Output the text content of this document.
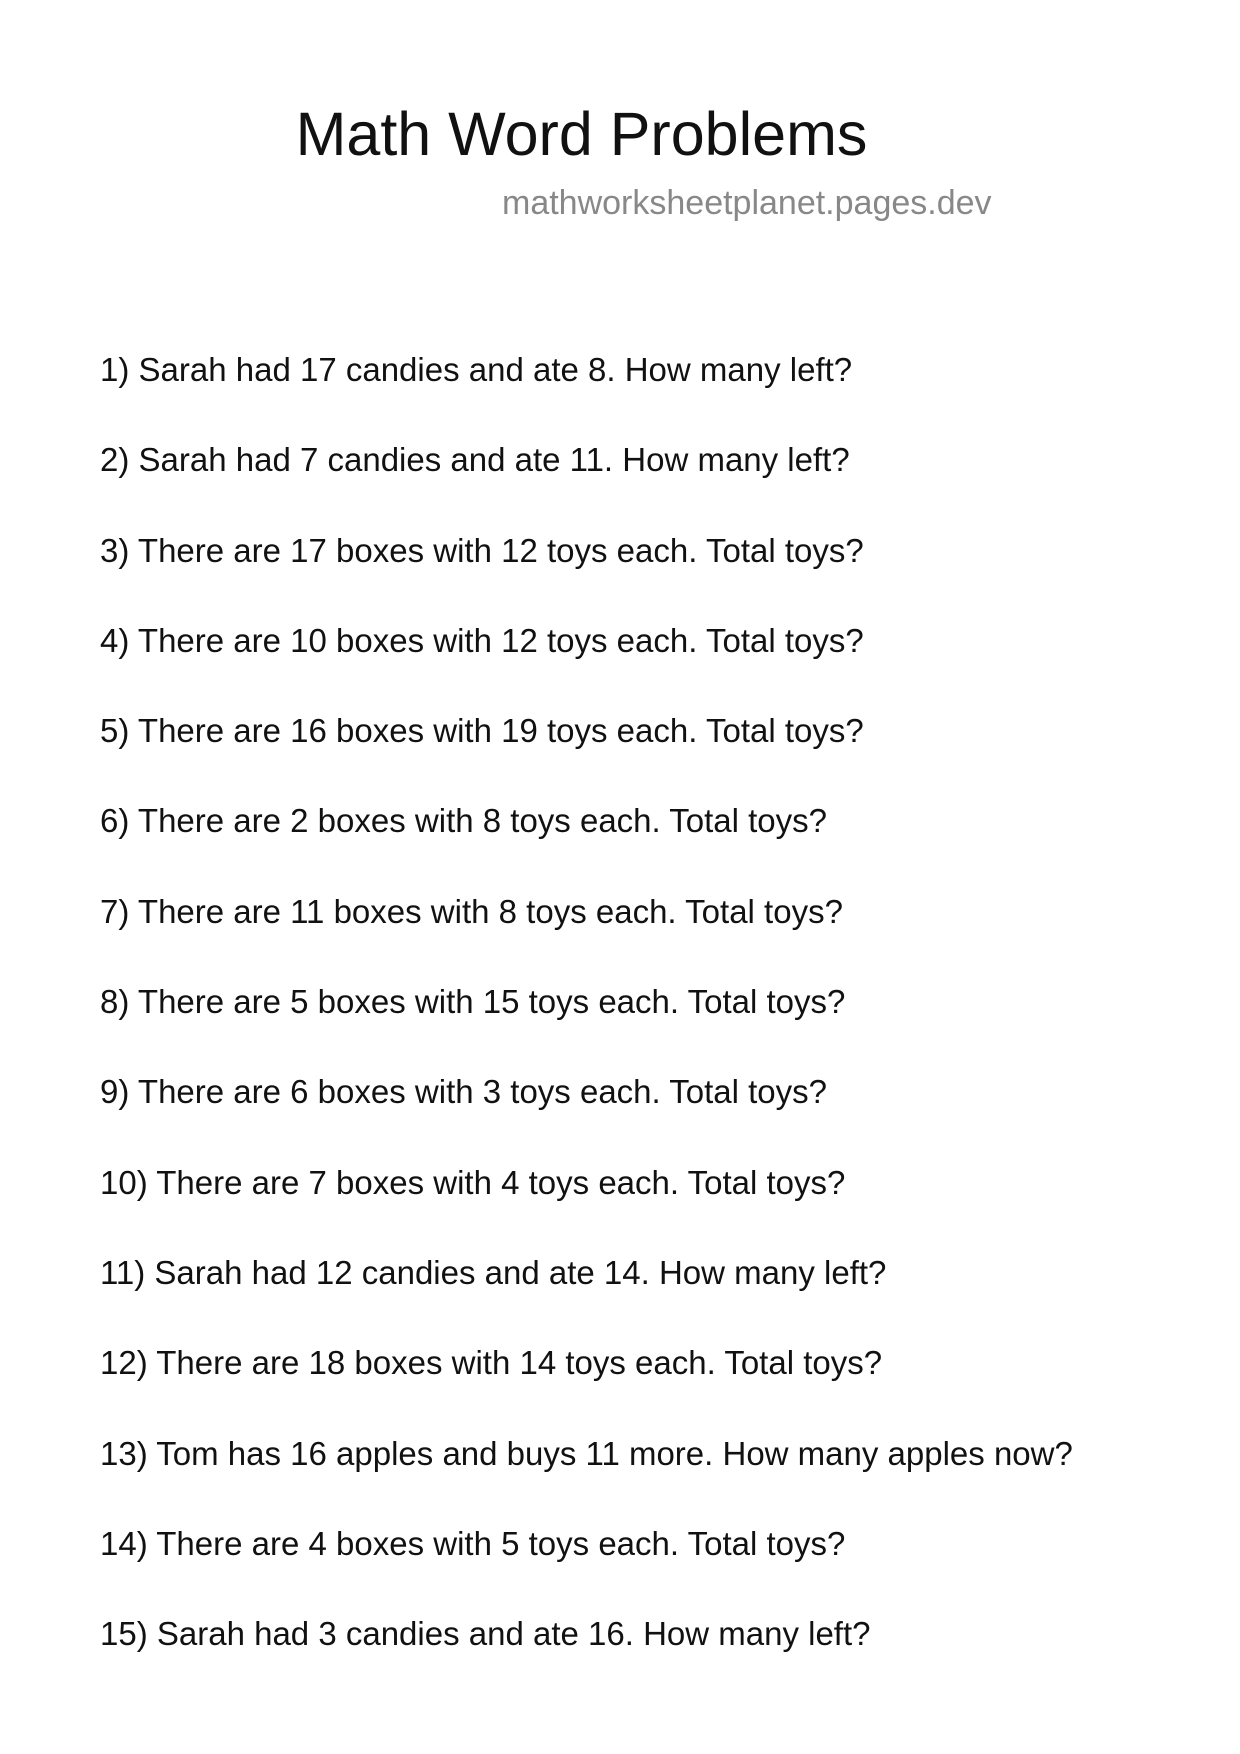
Math Word Problems
mathworksheetplanet.pages.dev
1) Sarah had 17 candies and ate 8. How many left?
2) Sarah had 7 candies and ate 11. How many left?
3) There are 17 boxes with 12 toys each. Total toys?
4) There are 10 boxes with 12 toys each. Total toys?
5) There are 16 boxes with 19 toys each. Total toys?
6) There are 2 boxes with 8 toys each. Total toys?
7) There are 11 boxes with 8 toys each. Total toys?
8) There are 5 boxes with 15 toys each. Total toys?
9) There are 6 boxes with 3 toys each. Total toys?
10) There are 7 boxes with 4 toys each. Total toys?
11) Sarah had 12 candies and ate 14. How many left?
12) There are 18 boxes with 14 toys each. Total toys?
13) Tom has 16 apples and buys 11 more. How many apples now?
14) There are 4 boxes with 5 toys each. Total toys?
15) Sarah had 3 candies and ate 16. How many left?
